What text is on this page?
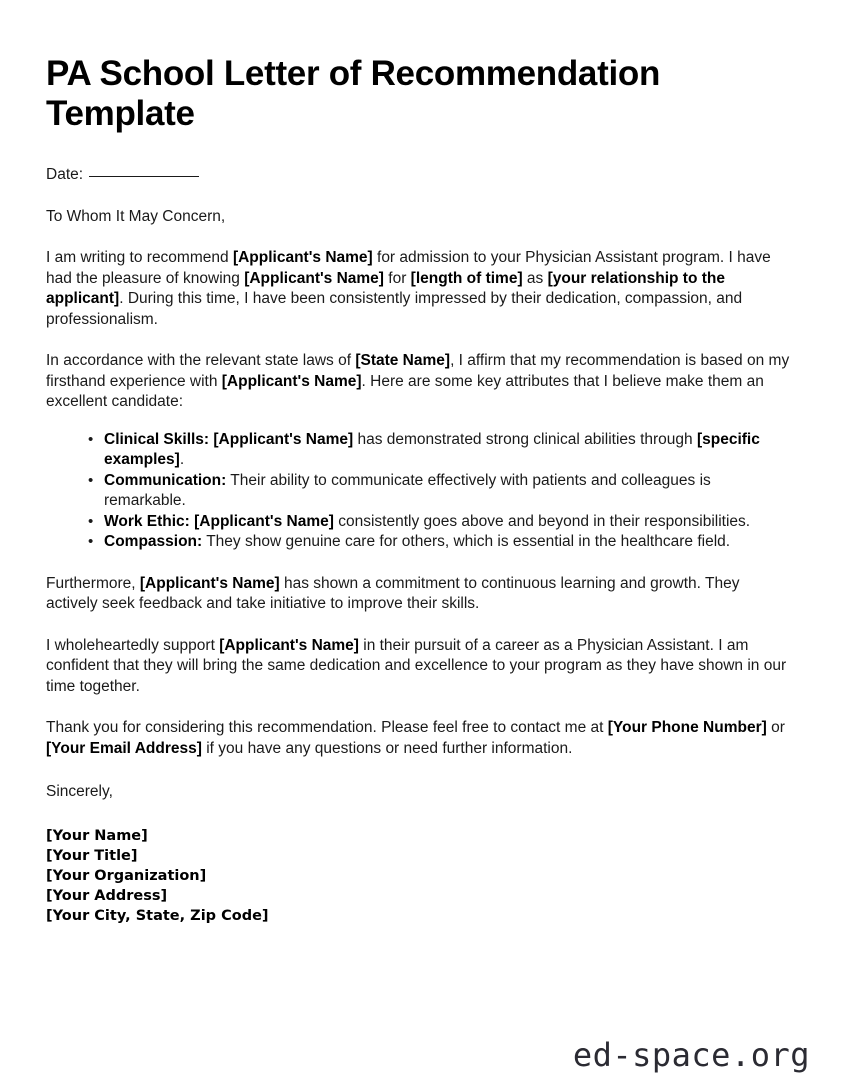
PA School Letter of Recommendation Template
Date:
To Whom It May Concern,

I am writing to recommend [Applicant's Name] for admission to your Physician Assistant program. I have had the pleasure of knowing [Applicant's Name] for [length of time] as [your relationship to the applicant]. During this time, I have been consistently impressed by their dedication, compassion, and professionalism.

In accordance with the relevant state laws of [State Name], I affirm that my recommendation is based on my firsthand experience with [Applicant's Name]. Here are some key attributes that I believe make them an excellent candidate:

• Clinical Skills: [Applicant's Name] has demonstrated strong clinical abilities through [specific examples].
• Communication: Their ability to communicate effectively with patients and colleagues is remarkable.
• Work Ethic: [Applicant's Name] consistently goes above and beyond in their responsibilities.
• Compassion: They show genuine care for others, which is essential in the healthcare field.

Furthermore, [Applicant's Name] has shown a commitment to continuous learning and growth. They actively seek feedback and take initiative to improve their skills.

I wholeheartedly support [Applicant's Name] in their pursuit of a career as a Physician Assistant. I am confident that they will bring the same dedication and excellence to your program as they have shown in our time together.

Thank you for considering this recommendation. Please feel free to contact me at [Your Phone Number] or [Your Email Address] if you have any questions or need further information.

Sincerely,
[Your Name]
[Your Title]
[Your Organization]
[Your Address]
[Your City, State, Zip Code]
ed-space.org
